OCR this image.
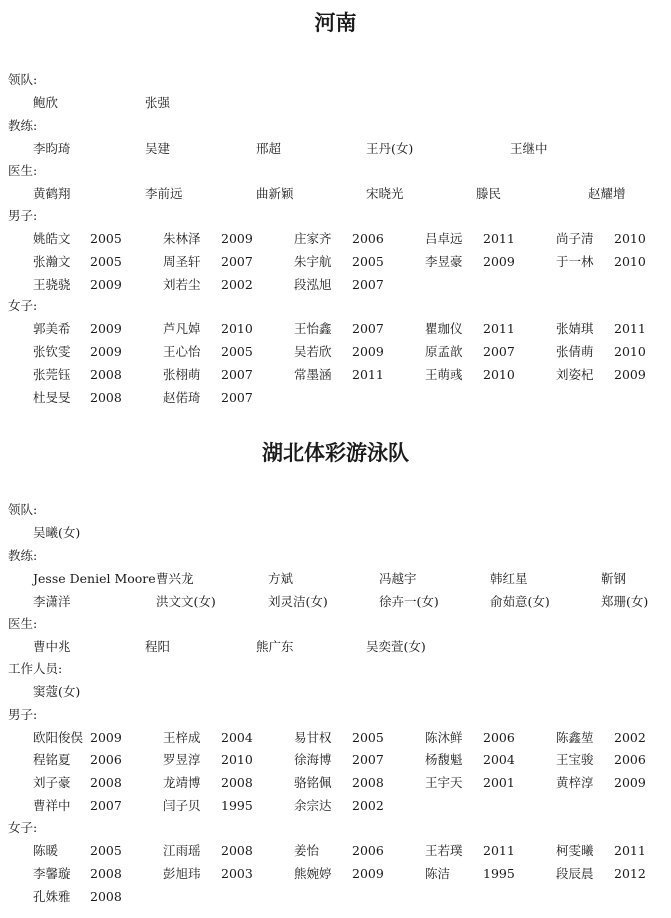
河南
领队:
鲍欣	张强
教练:
李昀琦	吴建	邢超	王丹(女)	王继中
医生:
黄鹤翔	李前远	曲新颖	宋晓光	滕民	赵耀增
男子:
姚皓文 2005	朱林泽 2009	庄家齐 2006	吕卓远 2011	尚子清 2010
张瀚文 2005	周圣轩 2007	朱宇航 2005	李昱豪 2009	于一林 2010
王骁骁 2009	刘若尘 2002	段泓旭 2007
女子:
郭美希 2009	芦凡婥 2010	王怡鑫 2007	瞿珈仪 2011	张婧琪 2011
张钦雯 2009	王心怡 2005	吴若欣 2009	原孟歆 2007	张倩萌 2010
张莞钰 2008	张栩萌 2007	常墨涵 2011	王萌彧 2010	刘姿杞 2009
杜旻旻 2008	赵偌琦 2007
湖北体彩游泳队
领队:
吴曦(女)
教练:
Jesse Deniel Moore 曹兴龙	方斌	冯越宇	韩红星	靳钢
李潇洋	洪文文(女)	刘灵洁(女)	徐卉一(女)	俞茹意(女)	郑珊(女)
医生:
曹中兆	程阳	熊广东	吴奕萱(女)
工作人员:
窦蔻(女)
男子:
欧阳俊俣 2009	王梓成 2004	易甘权 2005	陈沐鲜 2006	陈鑫堃 2002
程铭夏 2006	罗昱淳 2010	徐海博 2007	杨馥魁 2004	王宝骏 2006
刘子豪 2008	龙靖博 2008	骆铭佩 2008	王宇天 2001	黄梓淳 2009
曹祥中 2007	闫子贝 1995	余宗达 2002
女子:
陈暖	2005	江雨瑶 2008	姜怡	2006	王若璞 2011	柯雯曦 2011
李馨璇 2008	彭旭玮 2003	熊婉婷 2009	陈洁	1995	段辰晨 2012
孔姝雅 2008
